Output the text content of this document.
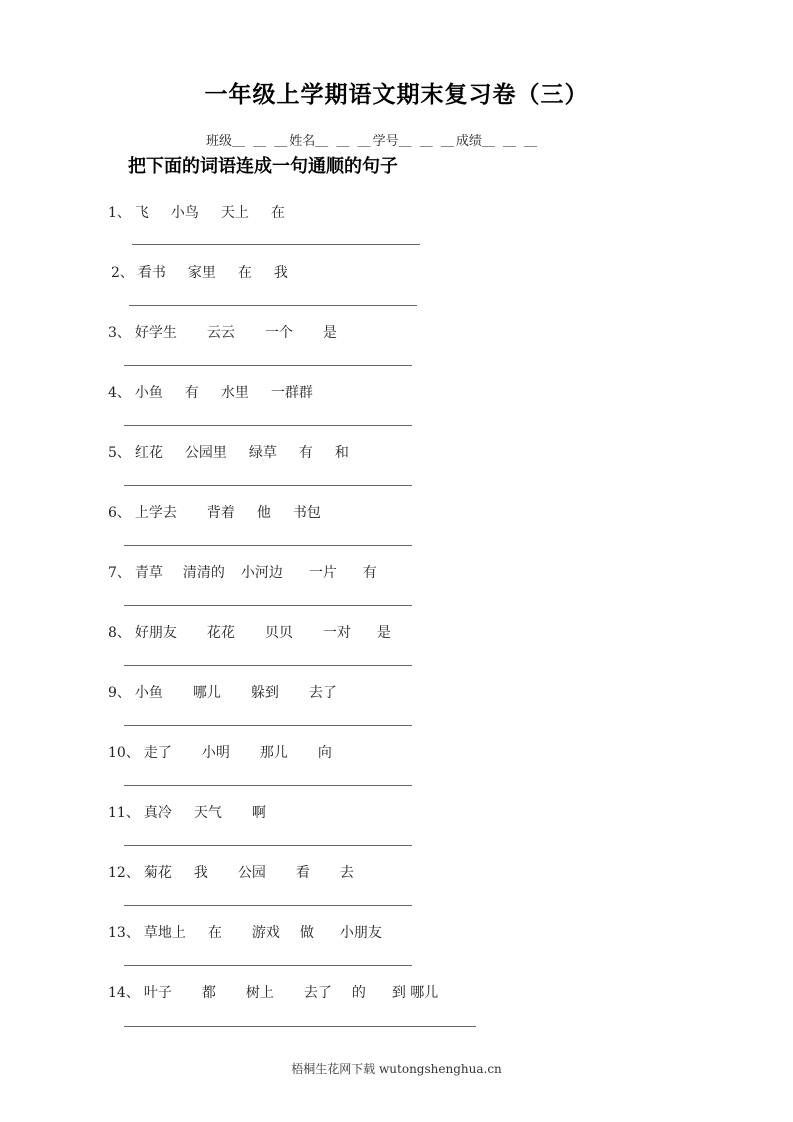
一年级上学期语文期末复习卷（三）
班级＿ ＿ ＿姓名＿ ＿ ＿学号＿ ＿ ＿成绩＿ ＿ ＿
把下面的词语连成一句通顺的句子
1、 飞 小鸟 天上 在
2、 看书 家里 在 我
3、 好学生 云云 一个 是
4、 小鱼 有 水里 一群群
5、 红花 公园里 绿草 有 和
6、 上学去 背着 他 书包
7、 青草 清清的 小河边 一片 有
8、 好朋友 花花 贝贝 一对 是
9、 小鱼 哪儿 躲到 去了
10、 走了 小明 那儿 向
11、 真冷 天气 啊
12、 菊花 我 公园 看 去
13、 草地上 在 游戏 做 小朋友
14、 叶子 都 树上 去了 的 到 哪儿
梧桐生花网下载 wutongshenghua.cn
